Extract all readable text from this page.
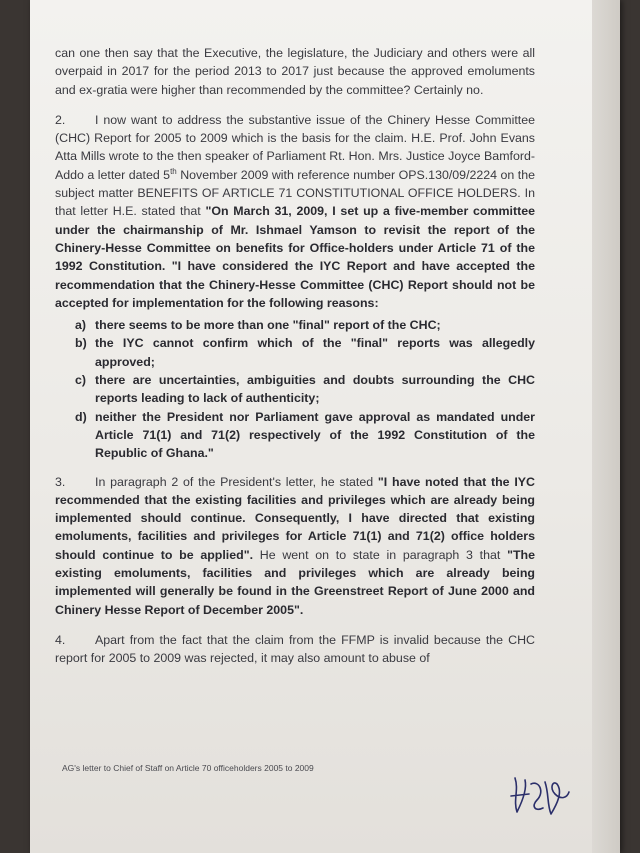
can one then say that the Executive, the legislature, the Judiciary and others were all overpaid in 2017 for the period 2013 to 2017 just because the approved emoluments and ex-gratia were higher than recommended by the committee? Certainly no.

2. I now want to address the substantive issue of the Chinery Hesse Committee (CHC) Report for 2005 to 2009 which is the basis for the claim. H.E. Prof. John Evans Atta Mills wrote to the then speaker of Parliament Rt. Hon. Mrs. Justice Joyce Bamford-Addo a letter dated 5th November 2009 with reference number OPS.130/09/2224 on the subject matter BENEFITS OF ARTICLE 71 CONSTITUTIONAL OFFICE HOLDERS. In that letter H.E. stated that "On March 31, 2009, I set up a five-member committee under the chairmanship of Mr. Ishmael Yamson to revisit the report of the Chinery-Hesse Committee on benefits for Office-holders under Article 71 of the 1992 Constitution. "I have considered the IYC Report and have accepted the recommendation that the Chinery-Hesse Committee (CHC) Report should not be accepted for implementation for the following reasons:

a) there seems to be more than one "final" report of the CHC;
b) the IYC cannot confirm which of the "final" reports was allegedly approved;
c) there are uncertainties, ambiguities and doubts surrounding the CHC reports leading to lack of authenticity;
d) neither the President nor Parliament gave approval as mandated under Article 71(1) and 71(2) respectively of the 1992 Constitution of the Republic of Ghana."

3. In paragraph 2 of the President's letter, he stated "I have noted that the IYC recommended that the existing facilities and privileges which are already being implemented should continue. Consequently, I have directed that existing emoluments, facilities and privileges for Article 71(1) and 71(2) office holders should continue to be applied". He went on to state in paragraph 3 that "The existing emoluments, facilities and privileges which are already being implemented will generally be found in the Greenstreet Report of June 2000 and Chinery Hesse Report of December 2005".

4. Apart from the fact that the claim from the FFMP is invalid because the CHC report for 2005 to 2009 was rejected, it may also amount to abuse of

AG's letter to Chief of Staff on Article 70 officeholders 2005 to 2009
